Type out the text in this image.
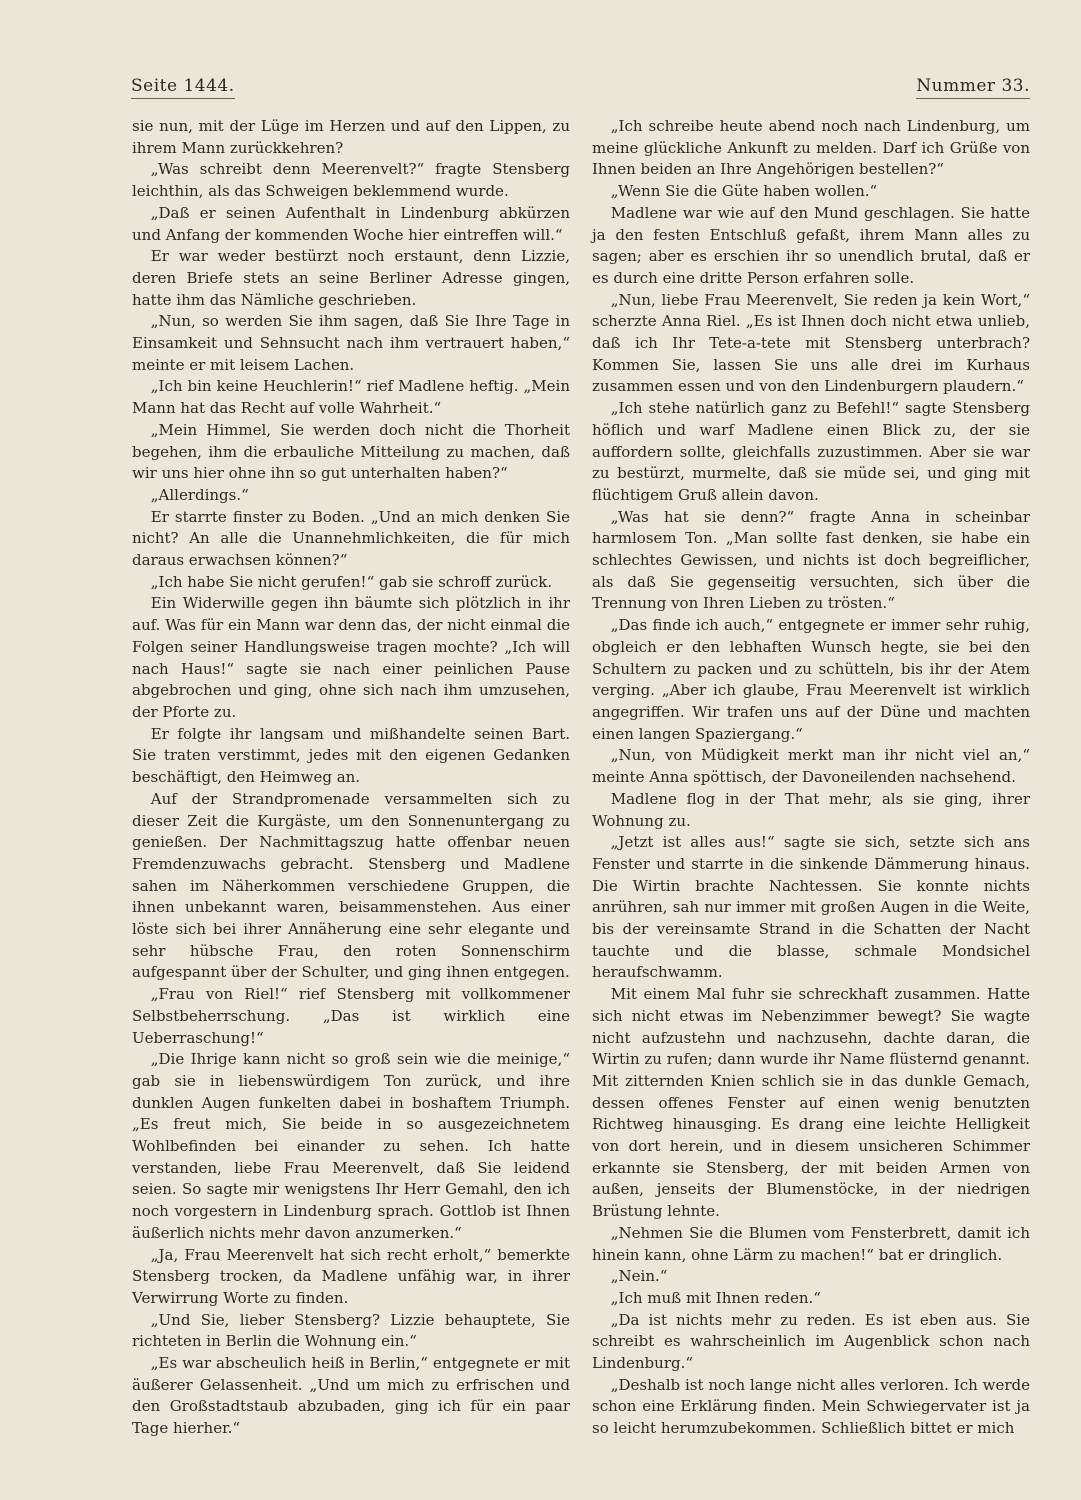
Seite 1444.	Nummer 33.

sie nun, mit der Lüge im Herzen und auf den Lippen, zu ihrem Mann zurückkehren?

„Was schreibt denn Meerenvelt?“ fragte Stensberg leichthin, als das Schweigen beklemmend wurde.

„Daß er seinen Aufenthalt in Lindenburg abkürzen und Anfang der kommenden Woche hier eintreffen will.“

Er war weder bestürzt noch erstaunt, denn Lizzie, deren Briefe stets an seine Berliner Adresse gingen, hatte ihm das Nämliche geschrieben.

„Nun, so werden Sie ihm sagen, daß Sie Ihre Tage in Einsamkeit und Sehnsucht nach ihm vertrauert haben,“ meinte er mit leisem Lachen.

„Ich bin keine Heuchlerin!“ rief Madlene heftig. „Mein Mann hat das Recht auf volle Wahrheit.“

„Mein Himmel, Sie werden doch nicht die Thorheit begehen, ihm die erbauliche Mitteilung zu machen, daß wir uns hier ohne ihn so gut unterhalten haben?“

„Allerdings.“

Er starrte finster zu Boden. „Und an mich denken Sie nicht? An alle die Unannehmlichkeiten, die für mich daraus erwachsen können?“

„Ich habe Sie nicht gerufen!“ gab sie schroff zurück.

Ein Widerwille gegen ihn bäumte sich plötzlich in ihr auf. Was für ein Mann war denn das, der nicht einmal die Folgen seiner Handlungsweise tragen mochte? „Ich will nach Haus!“ sagte sie nach einer peinlichen Pause abgebrochen und ging, ohne sich nach ihm umzusehen, der Pforte zu.

Er folgte ihr langsam und mißhandelte seinen Bart. Sie traten verstimmt, jedes mit den eigenen Gedanken beschäftigt, den Heimweg an.

Auf der Strandpromenade versammelten sich zu dieser Zeit die Kurgäste, um den Sonnenuntergang zu genießen. Der Nachmittagszug hatte offenbar neuen Fremdenzuwachs gebracht. Stensberg und Madlene sahen im Näherkommen verschiedene Gruppen, die ihnen unbekannt waren, beisammenstehen. Aus einer löste sich bei ihrer Annäherung eine sehr elegante und sehr hübsche Frau, den roten Sonnenschirm aufgespannt über der Schulter, und ging ihnen entgegen.

„Frau von Riel!“ rief Stensberg mit vollkommener Selbstbeherrschung. „Das ist wirklich eine Ueberraschung!“

„Die Ihrige kann nicht so groß sein wie die meinige,“ gab sie in liebenswürdigem Ton zurück, und ihre dunklen Augen funkelten dabei in boshaftem Triumph. „Es freut mich, Sie beide in so ausgezeichnetem Wohlbefinden bei einander zu sehen. Ich hatte verstanden, liebe Frau Meerenvelt, daß Sie leidend seien. So sagte mir wenigstens Ihr Herr Gemahl, den ich noch vorgestern in Lindenburg sprach. Gottlob ist Ihnen äußerlich nichts mehr davon anzumerken.“

„Ja, Frau Meerenvelt hat sich recht erholt,“ bemerkte Stensberg trocken, da Madlene unfähig war, in ihrer Verwirrung Worte zu finden.

„Und Sie, lieber Stensberg? Lizzie behauptete, Sie richteten in Berlin die Wohnung ein.“

„Es war abscheulich heiß in Berlin,“ entgegnete er mit äußerer Gelassenheit. „Und um mich zu erfrischen und den Großstadtstaub abzubaden, ging ich für ein paar Tage hierher.“

„Ich schreibe heute abend noch nach Lindenburg, um meine glückliche Ankunft zu melden. Darf ich Grüße von Ihnen beiden an Ihre Angehörigen bestellen?“

„Wenn Sie die Güte haben wollen.“

Madlene war wie auf den Mund geschlagen. Sie hatte ja den festen Entschluß gefaßt, ihrem Mann alles zu sagen; aber es erschien ihr so unendlich brutal, daß er es durch eine dritte Person erfahren solle.

„Nun, liebe Frau Meerenvelt, Sie reden ja kein Wort,“ scherzte Anna Riel. „Es ist Ihnen doch nicht etwa unlieb, daß ich Ihr Tete-a-tete mit Stensberg unterbrach? Kommen Sie, lassen Sie uns alle drei im Kurhaus zusammen essen und von den Lindenburgern plaudern.“

„Ich stehe natürlich ganz zu Befehl!“ sagte Stensberg höflich und warf Madlene einen Blick zu, der sie auffordern sollte, gleichfalls zuzustimmen. Aber sie war zu bestürzt, murmelte, daß sie müde sei, und ging mit flüchtigem Gruß allein davon.

„Was hat sie denn?“ fragte Anna in scheinbar harmlosem Ton. „Man sollte fast denken, sie habe ein schlechtes Gewissen, und nichts ist doch begreiflicher, als daß Sie gegenseitig versuchten, sich über die Trennung von Ihren Lieben zu trösten.“

„Das finde ich auch,“ entgegnete er immer sehr ruhig, obgleich er den lebhaften Wunsch hegte, sie bei den Schultern zu packen und zu schütteln, bis ihr der Atem verging. „Aber ich glaube, Frau Meerenvelt ist wirklich angegriffen. Wir trafen uns auf der Düne und machten einen langen Spaziergang.“

„Nun, von Müdigkeit merkt man ihr nicht viel an,“ meinte Anna spöttisch, der Davoneilenden nachsehend.

Madlene flog in der That mehr, als sie ging, ihrer Wohnung zu.

„Jetzt ist alles aus!“ sagte sie sich, setzte sich ans Fenster und starrte in die sinkende Dämmerung hinaus. Die Wirtin brachte Nachtessen. Sie konnte nichts anrühren, sah nur immer mit großen Augen in die Weite, bis der vereinsamte Strand in die Schatten der Nacht tauchte und die blasse, schmale Mondsichel heraufschwamm.

Mit einem Mal fuhr sie schreckhaft zusammen. Hatte sich nicht etwas im Nebenzimmer bewegt? Sie wagte nicht aufzustehn und nachzusehn, dachte daran, die Wirtin zu rufen; dann wurde ihr Name flüsternd genannt. Mit zitternden Knien schlich sie in das dunkle Gemach, dessen offenes Fenster auf einen wenig benutzten Richtweg hinausging. Es drang eine leichte Helligkeit von dort herein, und in diesem unsicheren Schimmer erkannte sie Stensberg, der mit beiden Armen von außen, jenseits der Blumenstöcke, in der niedrigen Brüstung lehnte.

„Nehmen Sie die Blumen vom Fensterbrett, damit ich hinein kann, ohne Lärm zu machen!“ bat er dringlich.

„Nein.“

„Ich muß mit Ihnen reden.“

„Da ist nichts mehr zu reden. Es ist eben aus. Sie schreibt es wahrscheinlich im Augenblick schon nach Lindenburg.“

„Deshalb ist noch lange nicht alles verloren. Ich werde schon eine Erklärung finden. Mein Schwiegervater ist ja so leicht herumzubekommen. Schließlich bittet er mich
